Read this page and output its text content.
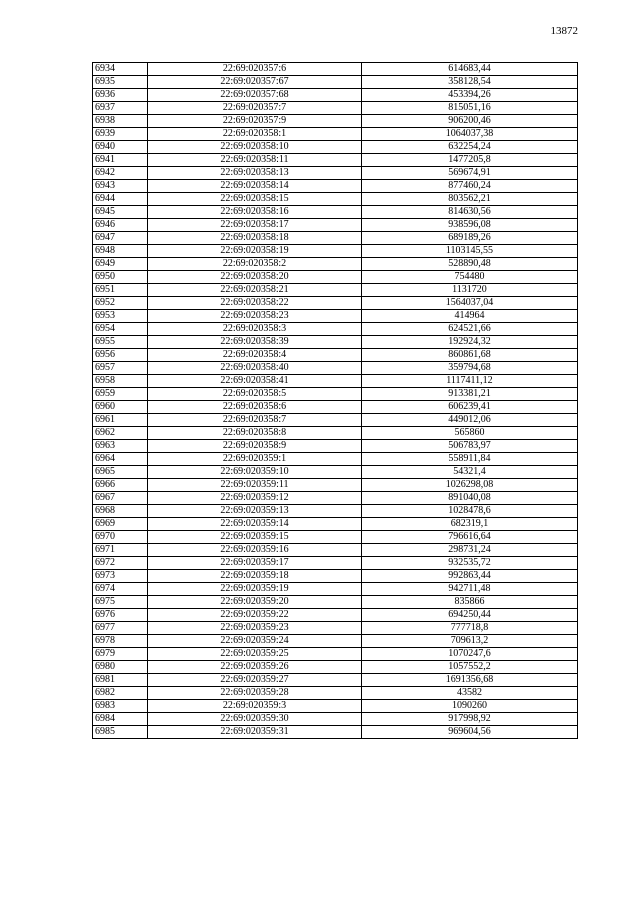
13872
6934	22:69:020357:6	614683,44
6935	22:69:020357:67	358128,54
6936	22:69:020357:68	453394,26
6937	22:69:020357:7	815051,16
6938	22:69:020357:9	906200,46
6939	22:69:020358:1	1064037,38
6940	22:69:020358:10	632254,24
6941	22:69:020358:11	1477205,8
6942	22:69:020358:13	569674,91
6943	22:69:020358:14	877460,24
6944	22:69:020358:15	803562,21
6945	22:69:020358:16	814630,56
6946	22:69:020358:17	938596,08
6947	22:69:020358:18	689189,26
6948	22:69:020358:19	1103145,55
6949	22:69:020358:2	528890,48
6950	22:69:020358:20	754480
6951	22:69:020358:21	1131720
6952	22:69:020358:22	1564037,04
6953	22:69:020358:23	414964
6954	22:69:020358:3	624521,66
6955	22:69:020358:39	192924,32
6956	22:69:020358:4	860861,68
6957	22:69:020358:40	359794,68
6958	22:69:020358:41	1117411,12
6959	22:69:020358:5	913381,21
6960	22:69:020358:6	606239,41
6961	22:69:020358:7	449012,06
6962	22:69:020358:8	565860
6963	22:69:020358:9	506783,97
6964	22:69:020359:1	558911,84
6965	22:69:020359:10	54321,4
6966	22:69:020359:11	1026298,08
6967	22:69:020359:12	891040,08
6968	22:69:020359:13	1028478,6
6969	22:69:020359:14	682319,1
6970	22:69:020359:15	796616,64
6971	22:69:020359:16	298731,24
6972	22:69:020359:17	932535,72
6973	22:69:020359:18	992863,44
6974	22:69:020359:19	942711,48
6975	22:69:020359:20	835866
6976	22:69:020359:22	694250,44
6977	22:69:020359:23	777718,8
6978	22:69:020359:24	709613,2
6979	22:69:020359:25	1070247,6
6980	22:69:020359:26	1057552,2
6981	22:69:020359:27	1691356,68
6982	22:69:020359:28	43582
6983	22:69:020359:3	1090260
6984	22:69:020359:30	917998,92
6985	22:69:020359:31	969604,56
